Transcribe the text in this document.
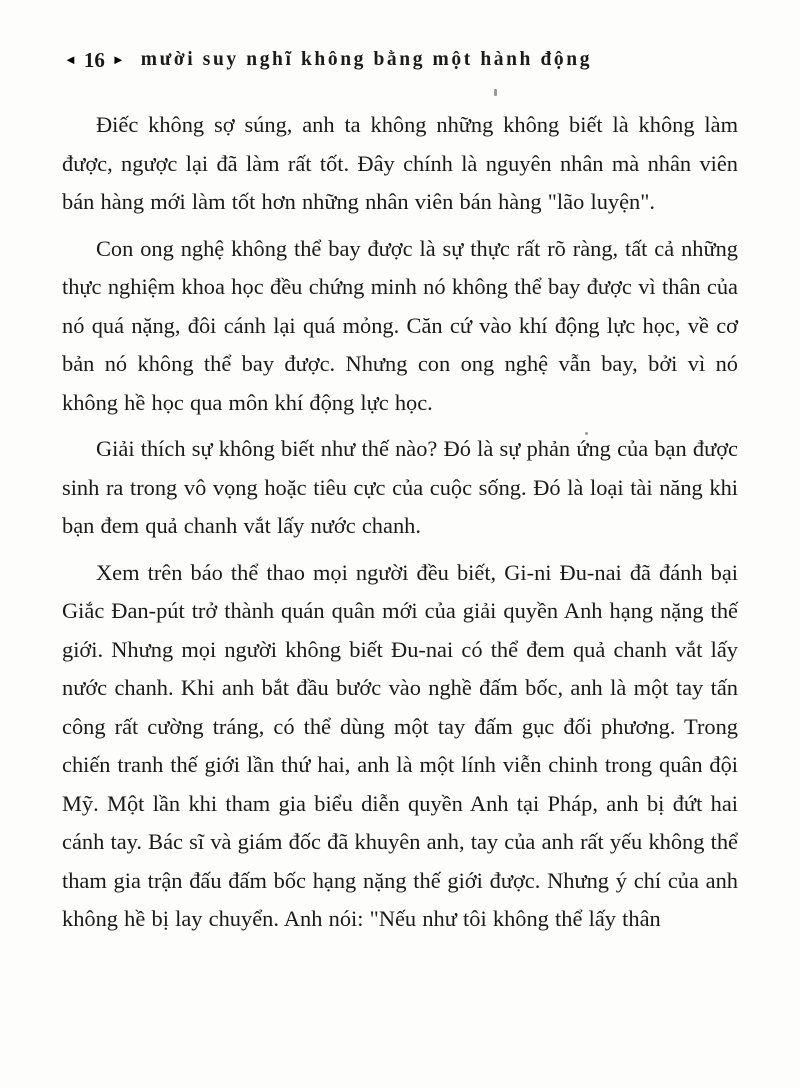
◄ 16 ► mười suy nghĩ không bằng một hành động

Điếc không sợ súng, anh ta không những không biết là không làm được, ngược lại đã làm rất tốt. Đây chính là nguyên nhân mà nhân viên bán hàng mới làm tốt hơn những nhân viên bán hàng "lão luyện".

Con ong nghệ không thể bay được là sự thực rất rõ ràng, tất cả những thực nghiệm khoa học đều chứng minh nó không thể bay được vì thân của nó quá nặng, đôi cánh lại quá mỏng. Căn cứ vào khí động lực học, về cơ bản nó không thể bay được. Nhưng con ong nghệ vẫn bay, bởi vì nó không hề học qua môn khí động lực học.

Giải thích sự không biết như thế nào? Đó là sự phản ứng của bạn được sinh ra trong vô vọng hoặc tiêu cực của cuộc sống. Đó là loại tài năng khi bạn đem quả chanh vắt lấy nước chanh.

Xem trên báo thể thao mọi người đều biết, Gi-ni Đu-nai đã đánh bại Giắc Đan-pút trở thành quán quân mới của giải quyền Anh hạng nặng thế giới. Nhưng mọi người không biết Đu-nai có thể đem quả chanh vắt lấy nước chanh. Khi anh bắt đầu bước vào nghề đấm bốc, anh là một tay tấn công rất cường tráng, có thể dùng một tay đấm gục đối phương. Trong chiến tranh thế giới lần thứ hai, anh là một lính viễn chinh trong quân đội Mỹ. Một lần khi tham gia biểu diễn quyền Anh tại Pháp, anh bị đứt hai cánh tay. Bác sĩ và giám đốc đã khuyên anh, tay của anh rất yếu không thể tham gia trận đấu đấm bốc hạng nặng thế giới được. Nhưng ý chí của anh không hề bị lay chuyển. Anh nói: "Nếu như tôi không thể lấy thân
